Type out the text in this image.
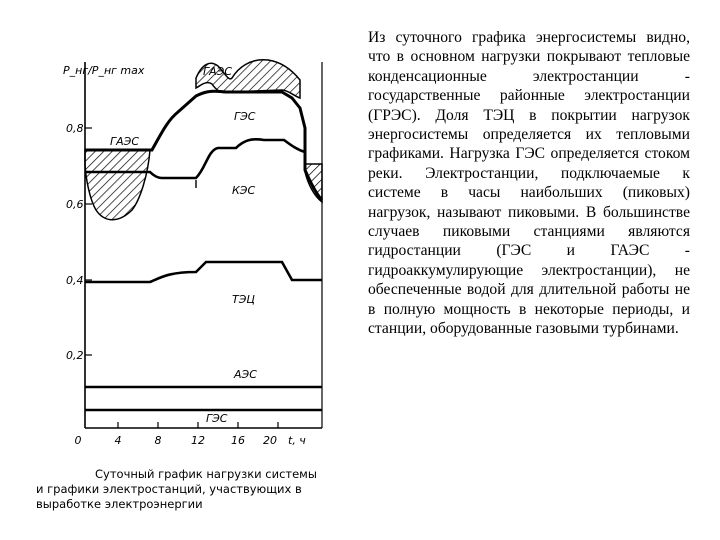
0,8
0,6
0,4
0,2
P_нг/P_нг max
0	4	8	12 16 20 t, ч
ГАЭС
ГЭС
ГАЭС
КЭС
ТЭЦ
АЭС
ГЭС
Суточный график нагрузки системы
и графики электростанций, участвующих в
выработке электроэнергии

Из суточного графика энергосистемы видно, что в основном нагрузки покрывают тепловые конденсационные электростанции - государственные районные электростанции (ГРЭС). Доля ТЭЦ в покрытии нагрузок энергосистемы определяется их тепловыми графиками. Нагрузка ГЭС определяется стоком реки. Электростанции, подключаемые к системе в часы наибольших (пиковых) нагрузок, называют пиковыми. В большинстве случаев пиковыми станциями являются гидростанции (ГЭС и ГАЭС - гидроаккумулирующие электростанции), не обеспеченные водой для длительной работы не в полную мощность в некоторые периоды, и станции, оборудованные газовыми турбинами.
